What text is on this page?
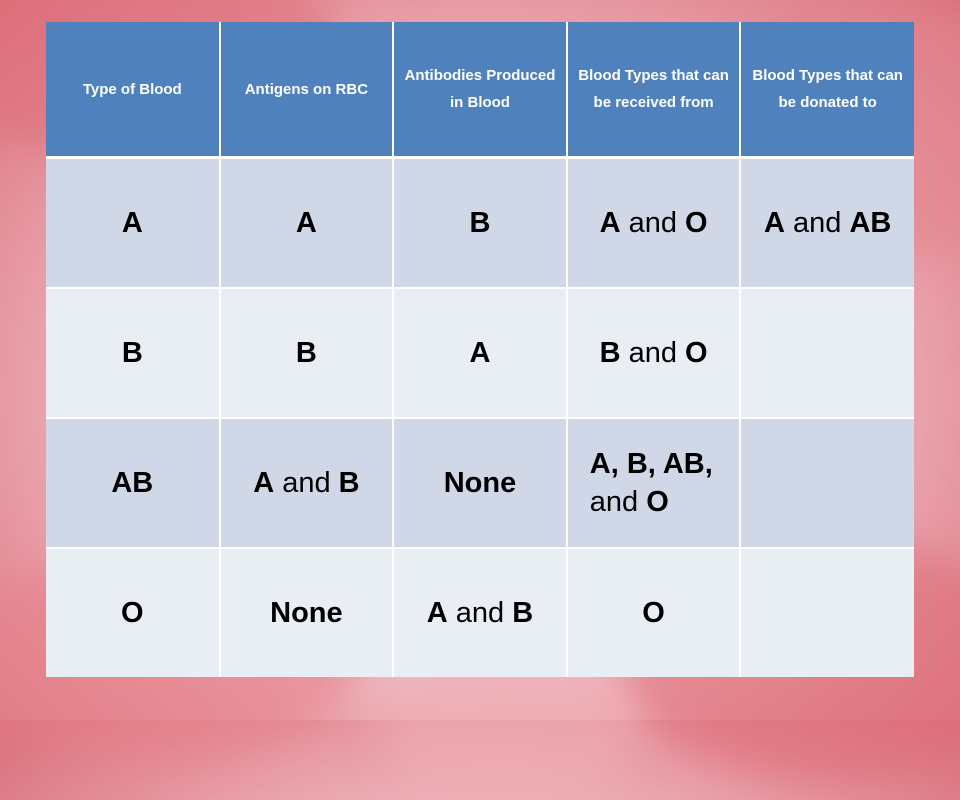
Type of Blood	Antigens on RBC	Antibodies Produced in Blood	Blood Types that can be received from	Blood Types that can be donated to
A	A	B	A and O	A and AB
B	B	A	B and O	
AB	A and B	None	A, B, AB,
and O	
O	None	A and B	O	
